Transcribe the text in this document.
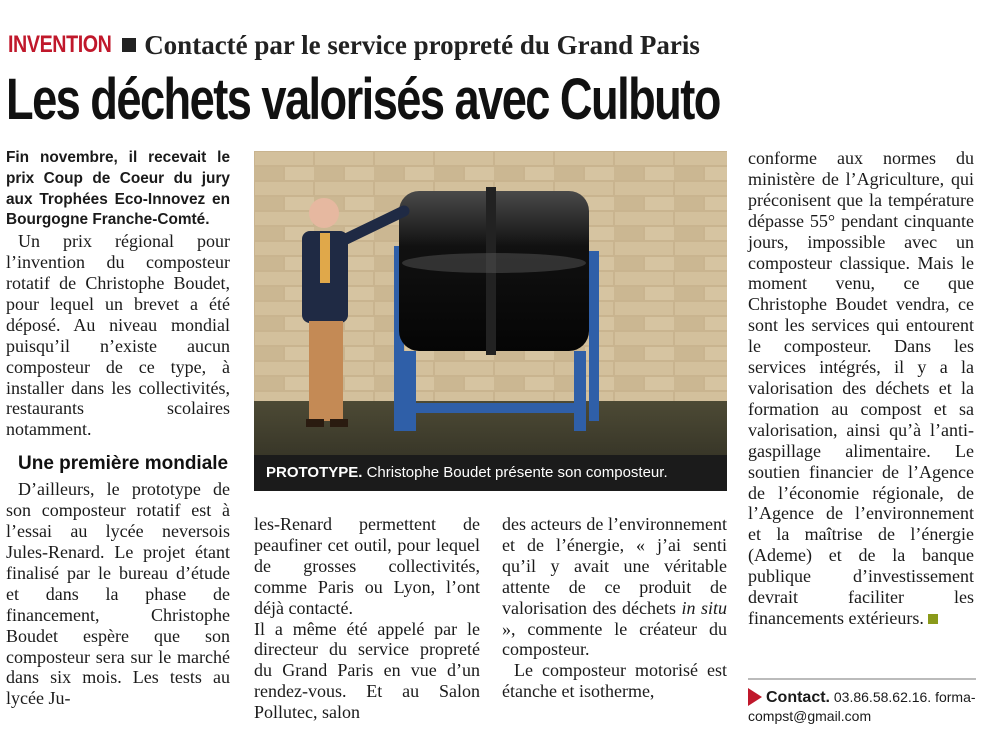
INVENTION Contacté par le service propreté du Grand Paris
Les déchets valorisés avec Culbuto
Fin novembre, il recevait le prix Coup de Coeur du jury aux Trophées Eco-Innovez en Bourgogne Franche-Comté.

Un prix régional pour l’invention du composteur rotatif de Christophe Boudet, pour lequel un brevet a été déposé. Au niveau mondial puisqu’il n’existe aucun composteur de ce type, à installer dans les collectivités, restaurants scolaires notamment.

Une première mondiale

D’ailleurs, le prototype de son composteur rotatif est à l’essai au lycée neversois Jules-Renard. Le projet étant finalisé par le bureau d’étude et dans la phase de financement, Christophe Boudet espère que son composteur sera sur le marché dans six mois. Les tests au lycée Ju-

PROTOTYPE. Christophe Boudet présente son composteur.

les-Renard permettent de peaufiner cet outil, pour lequel de grosses collectivités, comme Paris ou Lyon, l’ont déjà contacté.

Il a même été appelé par le directeur du service propreté du Grand Paris en vue d’un rendez-vous. Et au Salon Pollutec, salon

des acteurs de l’environnement et de l’énergie, « j’ai senti qu’il y avait une véritable attente de ce produit de valorisation des déchets in situ », commente le créateur du composteur.

Le composteur motorisé est étanche et isotherme,

conforme aux normes du ministère de l’Agriculture, qui préconisent que la température dépasse 55° pendant cinquante jours, impossible avec un composteur classique. Mais le moment venu, ce que Christophe Boudet vendra, ce sont les services qui entourent le composteur. Dans les services intégrés, il y a la valorisation des déchets et la formation au compost et sa valorisation, ainsi qu’à l’anti-gaspillage alimentaire. Le soutien financier de l’Agence de l’économie régionale, de l’Agence de l’environnement et la maîtrise de l’énergie (Ademe) et de la banque publique d’investissement devrait faciliter les financements extérieurs.

Contact. 03.86.58.62.16. forma-compst@gmail.com
